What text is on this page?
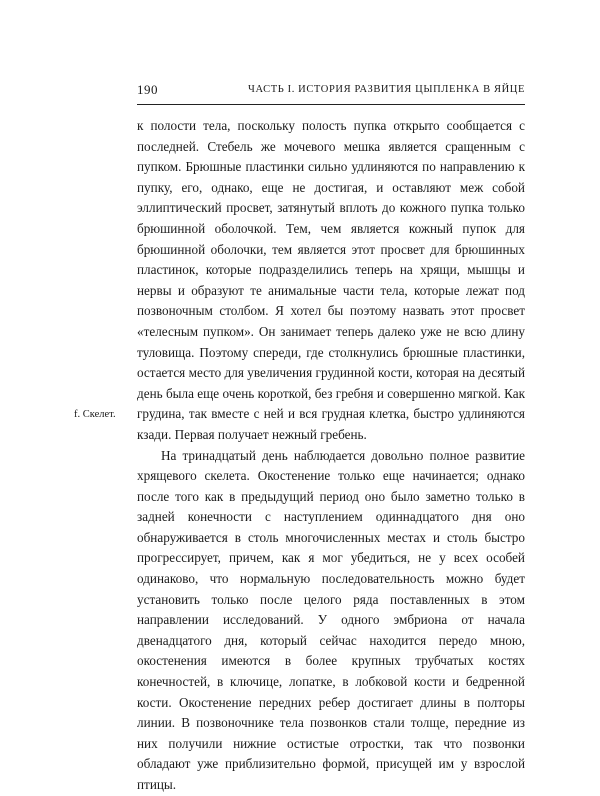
190	ЧАСТЬ I. ИСТОРИЯ РАЗВИТИЯ ЦЫПЛЕНКА В ЯЙЦЕ
f. Скелет.

к полости тела, поскольку полость пупка открыто сообщается с последней. Стебель же мочевого мешка является сращенным с пупком. Брюшные пластинки сильно удлиняются по направлению к пупку, его, однако, еще не достигая, и оставляют меж собой эллиптический просвет, затянутый вплоть до кожного пупка только брюшинной оболочкой. Тем, чем является кожный пупок для брюшинной оболочки, тем является этот просвет для брюшинных пластинок, которые подразделились теперь на хрящи, мышцы и нервы и образуют те анимальные части тела, которые лежат под позвоночным столбом. Я хотел бы поэтому назвать этот просвет «телесным пупком». Он занимает теперь далеко уже не всю длину туловища. Поэтому спереди, где столкнулись брюшные пластинки, остается место для увеличения грудинной кости, которая на десятый день была еще очень короткой, без гребня и совершенно мягкой. Как грудина, так вместе с ней и вся грудная клетка, быстро удлиняются кзади. Первая получает нежный гребень.

На тринадцатый день наблюдается довольно полное развитие хрящевого скелета. Окостенение только еще начинается; однако после того как в предыдущий период оно было заметно только в задней конечности с наступлением одиннадцатого дня оно обнаруживается в столь многочисленных местах и столь быстро прогрессирует, причем, как я мог убедиться, не у всех особей одинаково, что нормальную последовательность можно будет установить только после целого ряда поставленных в этом направлении исследований. У одного эмбриона от начала двенадцатого дня, который сейчас находится передо мною, окостенения имеются в более крупных трубчатых костях конечностей, в ключице, лопатке, в лобковой кости и бедренной кости. Окостенение передних ребер достигает длины в полторы линии. В позвоночнике тела позвонков стали толще, передние из них получили нижние остистые отростки, так что позвонки обладают уже приблизительно формой, присущей им у взрослой птицы.
